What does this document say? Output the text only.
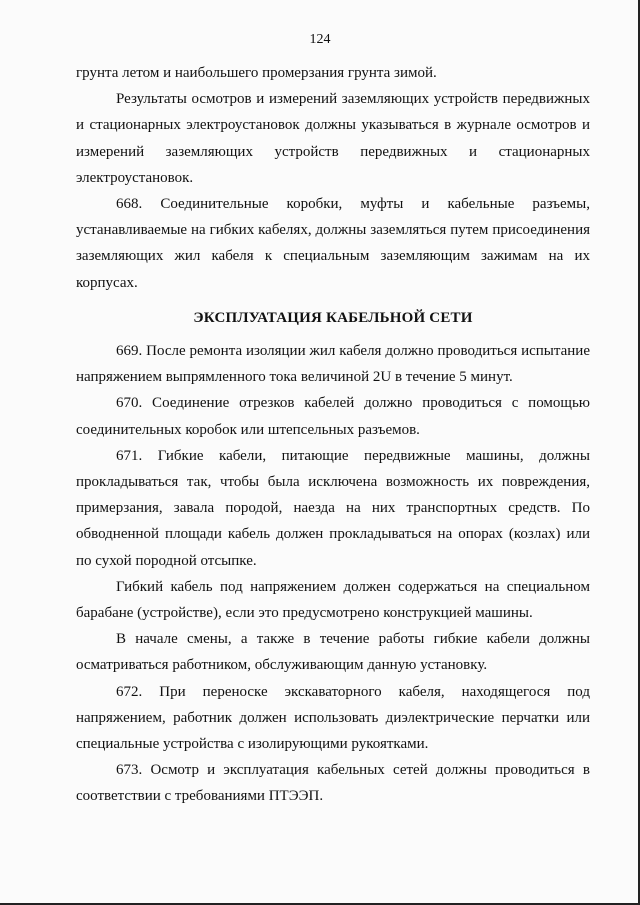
124

грунта летом и наибольшего промерзания грунта зимой.

Результаты осмотров и измерений заземляющих устройств передвижных и стационарных электроустановок должны указываться в журнале осмотров и измерений заземляющих устройств передвижных и стационарных электроустановок.

668. Соединительные коробки, муфты и кабельные разъемы, устанавливаемые на гибких кабелях, должны заземляться путем присоединения заземляющих жил кабеля к специальным заземляющим зажимам на их корпусах.

ЭКСПЛУАТАЦИЯ КАБЕЛЬНОЙ СЕТИ

669. После ремонта изоляции жил кабеля должно проводиться испытание напряжением выпрямленного тока величиной 2U в течение 5 минут.

670. Соединение отрезков кабелей должно проводиться с помощью соединительных коробок или штепсельных разъемов.

671. Гибкие кабели, питающие передвижные машины, должны прокладываться так, чтобы была исключена возможность их повреждения, примерзания, завала породой, наезда на них транспортных средств. По обводненной площади кабель должен прокладываться на опорах (козлах) или по сухой породной отсыпке.

Гибкий кабель под напряжением должен содержаться на специальном барабане (устройстве), если это предусмотрено конструкцией машины.

В начале смены, а также в течение работы гибкие кабели должны осматриваться работником, обслуживающим данную установку.

672. При переноске экскаваторного кабеля, находящегося под напряжением, работник должен использовать диэлектрические перчатки или специальные устройства с изолирующими рукоятками.

673. Осмотр и эксплуатация кабельных сетей должны проводиться в соответствии с требованиями ПТЭЭП.
